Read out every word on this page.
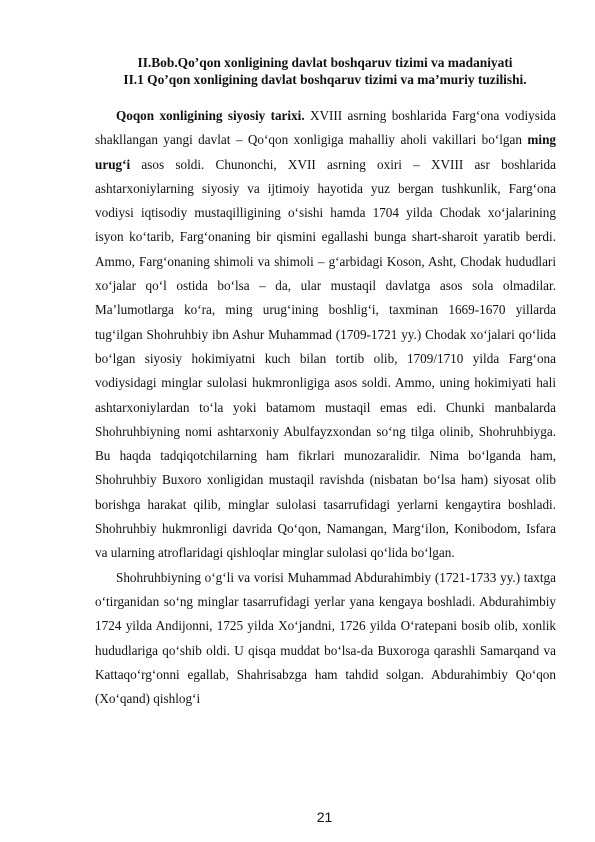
II.Bob.Qo’qon xonligining davlat boshqaruv tizimi va madaniyati
II.1 Qo’qon xonligining davlat boshqaruv tizimi va ma’muriy tuzilishi.

Qoqon xonligining siyosiy tarixi. XVIII asrning boshlarida Farg‘ona vodiysida shakllangan yangi davlat – Qo‘qon xonligiga mahalliy aholi vakillari bo‘lgan ming urug‘i asos soldi. Chunonchi, XVII asrning oxiri – XVIII asr boshlarida ashtarxoniylarning siyosiy va ijtimoiy hayotida yuz bergan tushkunlik, Farg‘ona vodiysi iqtisodiy mustaqilligining o‘sishi hamda 1704 yilda Chodak xo‘jalarining isyon ko‘tarib, Farg‘onaning bir qismini egallashi bunga shart-sharoit yaratib berdi. Ammo, Farg‘onaning shimoli va shimoli – g‘arbidagi Koson, Asht, Chodak hududlari xo‘jalar qo‘l ostida bo‘lsa – da, ular mustaqil davlatga asos sola olmadilar. Ma’lumotlarga ko‘ra, ming urug‘ining boshlig‘i, taxminan 1669-1670 yillarda tug‘ilgan Shohruhbiy ibn Ashur Muhammad (1709-1721 yy.) Chodak xo‘jalari qo‘lida bo‘lgan siyosiy hokimiyatni kuch bilan tortib olib, 1709/1710 yilda Farg‘ona vodiysidagi minglar sulolasi hukmronligiga asos soldi. Ammo, uning hokimiyati hali ashtarxoniylardan to‘la yoki batamom mustaqil emas edi. Chunki manbalarda Shohruhbiyning nomi ashtarxoniy Abulfayzxondan so‘ng tilga olinib, Shohruhbiyga. Bu haqda tadqiqotchilarning ham fikrlari munozaralidir. Nima bo‘lganda ham, Shohruhbiy Buxoro xonligidan mustaqil ravishda (nisbatan bo‘lsa ham) siyosat olib borishga harakat qilib, minglar sulolasi tasarrufidagi yerlarni kengaytira boshladi. Shohruhbiy hukmronligi davrida Qo‘qon, Namangan, Marg‘ilon, Konibodom, Isfara va ularning atroflaridagi qishloqlar minglar sulolasi qo‘lida bo‘lgan.

Shohruhbiyning o‘g‘li va vorisi Muhammad Abdurahimbiy (1721-1733 yy.) taxtga o‘tirganidan so‘ng minglar tasarrufidagi yerlar yana kengaya boshladi. Abdurahimbiy 1724 yilda Andijonni, 1725 yilda Xo‘jandni, 1726 yilda O‘ratepani bosib olib, xonlik hududlariga qo‘shib oldi. U qisqa muddat bo‘lsa-da Buxoroga qarashli Samarqand va Kattaqo‘rg‘onni egallab, Shahrisabzga ham tahdid solgan. Abdurahimbiy Qo‘qon (Xo‘qand) qishlog‘i

21
